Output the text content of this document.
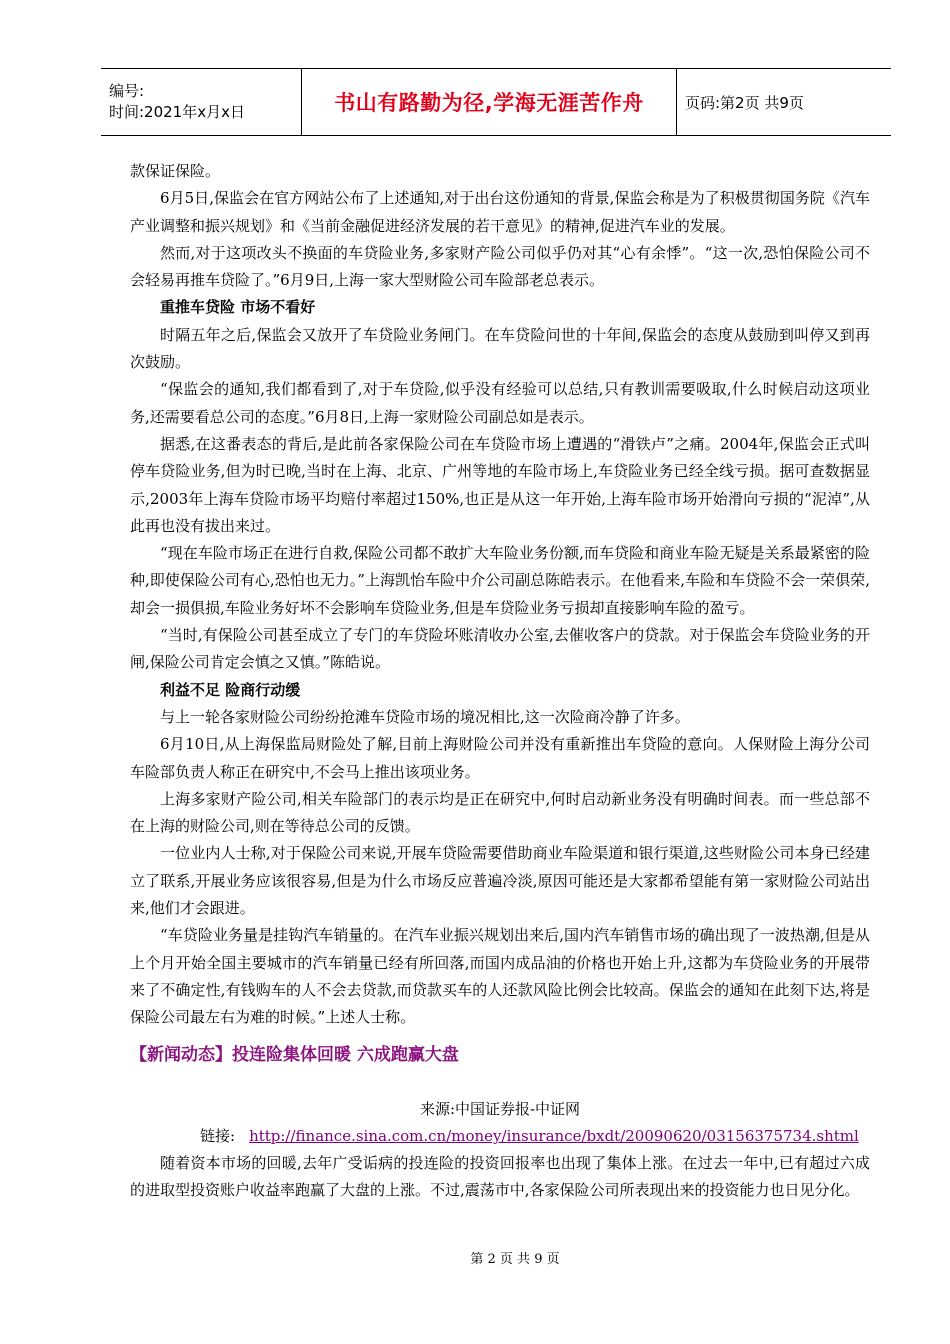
编号:
时间:2021年x月x日	书山有路勤为径,学海无涯苦作舟	页码:第2页 共9页

款保证保险。

6月5日,保监会在官方网站公布了上述通知,对于出台这份通知的背景,保监会称是为了积极贯彻国务院《汽车产业调整和振兴规划》和《当前金融促进经济发展的若干意见》的精神,促进汽车业的发展。

然而,对于这项改头不换面的车贷险业务,多家财产险公司似乎仍对其“心有余悸”。“这一次,恐怕保险公司不会轻易再推车贷险了。”6月9日,上海一家大型财险公司车险部老总表示。

重推车贷险 市场不看好

时隔五年之后,保监会又放开了车贷险业务闸门。在车贷险问世的十年间,保监会的态度从鼓励到叫停又到再次鼓励。

“保监会的通知,我们都看到了,对于车贷险,似乎没有经验可以总结,只有教训需要吸取,什么时候启动这项业务,还需要看总公司的态度。”6月8日,上海一家财险公司副总如是表示。

据悉,在这番表态的背后,是此前各家保险公司在车贷险市场上遭遇的“滑铁卢”之痛。2004年,保监会正式叫停车贷险业务,但为时已晚,当时在上海、北京、广州等地的车险市场上,车贷险业务已经全线亏损。据可查数据显示,2003年上海车贷险市场平均赔付率超过150%,也正是从这一年开始,上海车险市场开始滑向亏损的“泥淖”,从此再也没有拔出来过。

“现在车险市场正在进行自救,保险公司都不敢扩大车险业务份额,而车贷险和商业车险无疑是关系最紧密的险种,即使保险公司有心,恐怕也无力。”上海凯怡车险中介公司副总陈皓表示。在他看来,车险和车贷险不会一荣俱荣,却会一损俱损,车险业务好坏不会影响车贷险业务,但是车贷险业务亏损却直接影响车险的盈亏。

“当时,有保险公司甚至成立了专门的车贷险坏账清收办公室,去催收客户的贷款。对于保监会车贷险业务的开闸,保险公司肯定会慎之又慎。”陈皓说。

利益不足 险商行动缓

与上一轮各家财险公司纷纷抢滩车贷险市场的境况相比,这一次险商冷静了许多。

6月10日,从上海保监局财险处了解,目前上海财险公司并没有重新推出车贷险的意向。人保财险上海分公司车险部负责人称正在研究中,不会马上推出该项业务。

上海多家财产险公司,相关车险部门的表示均是正在研究中,何时启动新业务没有明确时间表。而一些总部不在上海的财险公司,则在等待总公司的反馈。

一位业内人士称,对于保险公司来说,开展车贷险需要借助商业车险渠道和银行渠道,这些财险公司本身已经建立了联系,开展业务应该很容易,但是为什么市场反应普遍冷淡,原因可能还是大家都希望能有第一家财险公司站出来,他们才会跟进。

“车贷险业务量是挂钩汽车销量的。在汽车业振兴规划出来后,国内汽车销售市场的确出现了一波热潮,但是从上个月开始全国主要城市的汽车销量已经有所回落,而国内成品油的价格也开始上升,这都为车贷险业务的开展带来了不确定性,有钱购车的人不会去贷款,而贷款买车的人还款风险比例会比较高。保监会的通知在此刻下达,将是保险公司最左右为难的时候。”上述人士称。

【新闻动态】投连险集体回暖 六成跑赢大盘
来源:中国证券报-中证网
链接: http://finance.sina.com.cn/money/insurance/bxdt/20090620/03156375734.shtml

随着资本市场的回暖,去年广受诟病的投连险的投资回报率也出现了集体上涨。在过去一年中,已有超过六成的进取型投资账户收益率跑赢了大盘的上涨。不过,震荡市中,各家保险公司所表现出来的投资能力也日见分化。

第 2 页 共 9 页
